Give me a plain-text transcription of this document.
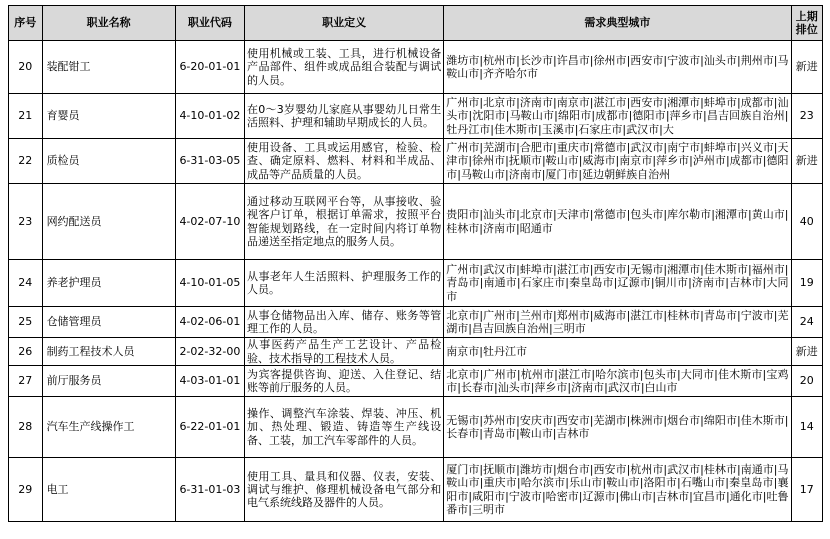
序号	职业名称	职业代码	职业定义	需求典型城市	上期排位
20	装配钳工	6-20-01-01	使用机械或工装、工具，进行机械设备产品部件、组件或成品组合装配与调试的人员。	潍坊市|杭州市|长沙市|许昌市|徐州市|西安市|宁波市|汕头市|荆州市|马鞍山市|齐齐哈尔市	新进
21	育婴员	4-10-01-02	在0～3岁婴幼儿家庭从事婴幼儿日常生活照料、护理和辅助早期成长的人员。	广州市|北京市|济南市|南京市|湛江市|西安市|湘潭市|蚌埠市|成都市|汕头市|沈阳市|马鞍山市|绵阳市|成都市|德阳市|萍乡市|昌吉回族自治州|牡丹江市|佳木斯市|玉溪市|石家庄市|武汉市|大	23
22	质检员	6-31-03-05	使用设备、工具或运用感官，检验、检查、确定原料、燃料、材料和半成品、成品等产品质量的人员。	广州市|芜湖市|合肥市|重庆市|常德市|武汉市|南宁市|蚌埠市|兴义市|天津市|徐州市|抚顺市|鞍山市|威海市|南京市|萍乡市|泸州市|成都市|德阳市|马鞍山市|济南市|厦门市|延边朝鲜族自治州	新进
23	网约配送员	4-02-07-10	通过移动互联网平台等，从事接收、验视客户订单，根据订单需求，按照平台智能规划路线，在一定时间内将订单物品递送至指定地点的服务人员。	贵阳市|汕头市|北京市|天津市|常德市|包头市|库尔勒市|湘潭市|黄山市|桂林市|济南市|昭通市	40
24	养老护理员	4-10-01-05	从事老年人生活照料、护理服务工作的人员。	广州市|武汉市|蚌埠市|湛江市|西安市|无锡市|湘潭市|佳木斯市|福州市|青岛市|南通市|石家庄市|秦皇岛市|辽源市|铜川市|济南市|吉林市|大同市	19
25	仓储管理员	4-02-06-01	从事仓储物品出入库、储存、账务等管理工作的人员。	北京市|广州市|兰州市|郑州市|威海市|湛江市|桂林市|青岛市|宁波市|芜湖市|昌吉回族自治州|三明市	24
26	制药工程技术人员	2-02-32-00	从事医药产品生产工艺设计、产品检验、技术指导的工程技术人员。	南京市|牡丹江市	新进
27	前厅服务员	4-03-01-01	为宾客提供咨询、迎送、入住登记、结账等前厅服务的人员。	北京市|广州市|杭州市|湛江市|哈尔滨市|包头市|大同市|佳木斯市|宝鸡市|长春市|汕头市|萍乡市|济南市|武汉市|白山市	20
28	汽车生产线操作工	6-22-01-01	操作、调整汽车涂装、焊装、冲压、机加、热处理、锻造、铸造等生产线设备、工装，加工汽车零部件的人员。	无锡市|苏州市|安庆市|西安市|芜湖市|株洲市|烟台市|绵阳市|佳木斯市|长春市|青岛市|鞍山市|吉林市	14
29	电工	6-31-01-03	使用工具、量具和仪器、仪表，安装、调试与维护、修理机械设备电气部分和电气系统线路及器件的人员。	厦门市|抚顺市|潍坊市|烟台市|西安市|杭州市|武汉市|桂林市|南通市|马鞍山市|重庆市|哈尔滨市|乐山市|鞍山市|洛阳市|石嘴山市|秦皇岛市|襄阳市|咸阳市|宁波市|哈密市|辽源市|佛山市|吉林市|宜昌市|通化市|吐鲁番市|三明市	17
